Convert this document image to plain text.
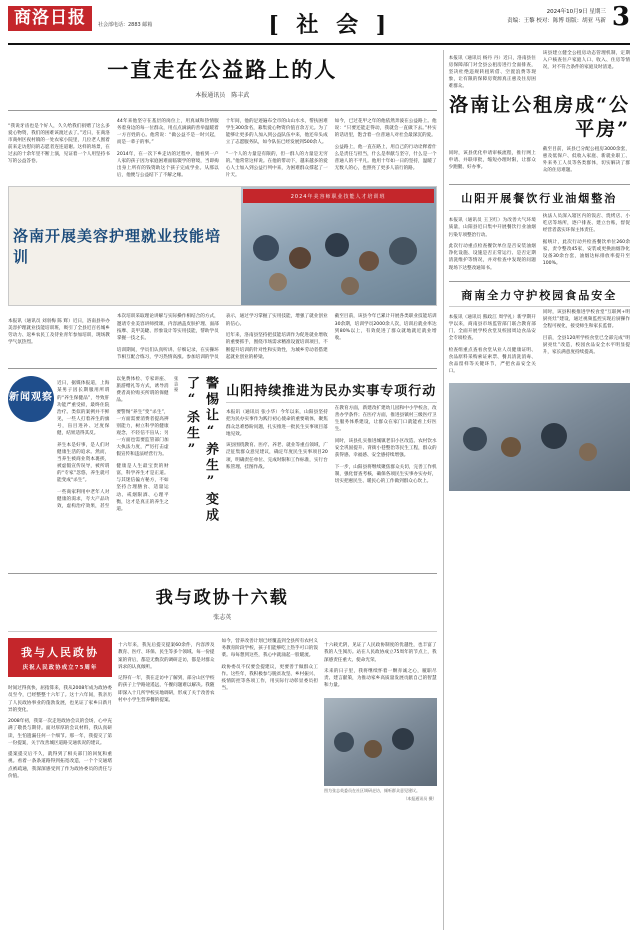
商洛日报	社会部电话：2883 邮箱	[ 社 会 ]	2024年10月9日 星期三
责编：王黎 校对：陈博 组版：胡亚 马新 3
一直走在公益路上的人
本报通讯员　陈丰武

“我说牙齿也是个好人，久久给我们捐赠了这么多爱心物资，我们的困难该渡过去了。”近日，在商洛市商州区夜村镇的一处农家小院里，几位老人围着前来走访慰问的志愿者连连道谢。这样的场景，在过去的十余年里不断上演，见证着一个人用坚持书写的公益答卷。

44年来他坚守在基层的岗位上，用真诚和热情服务着身边的每一位群众，用点点滴滴的善举温暖着一方百姓的心。他常说：“做公益不是一时兴起，而是一辈子的事。”

2014年，在一次下乡走访的过程中，他看到一户人家的孩子因为家庭困难面临辍学的窘境，当即掏出身上所有的钱资助这个孩子完成学业。从那以后，他便与公益结下了不解之缘。

十年间，他的足迹遍布全市的山山水水，帮扶困难学生300余名，募集爱心物资价值百余万元。为了能够让更多的人加入到公益队伍中来，他还牵头成立了志愿服务队，如今队伍已经发展到500余人。

“一个人的力量是有限的，但一群人的力量是无穷的。”他常常这样说。在他的带动下，越来越多的爱心人士加入到公益行列中来，为困难群众撑起了一片天。

如今，已过花甲之年的他依然奔波在公益路上。他说：“只要还能走得动，我就会一直做下去。”朴实的话语里，饱含着一位普通人对社会最深沉的爱。

公益路上，他一直在路上，用自己的行动诠释着什么是责任与担当，什么是奉献与坚守，什么是一个普通人的不平凡。他用十年如一日的坚持，温暖了无数人的心，也照亮了更多人前行的路。

洛南开展美容护理就业技能培训
2024年美容师职业技能人才培训班

本报讯（通讯员 刘羽梅 陈 辉）近日，洛南县举办美容护理就业技能培训班，吸引了全县近百名城乡劳动力、返乡农民工及待业青年参加培训，现场教学气氛热烈。

本次培训采取理论讲解与实际操作相结合的方式，邀请专业美容讲师授课，内容涵盖皮肤护理、面部按摩、美甲美睫、形象设计等实用技能，帮助学员掌握一技之长。

培训期间，学员们认真听讲、仔细记录，在实操环节相互配合练习，学习热情高涨。参加培训的学员表示，通过学习掌握了实用技能，增强了就业创业的信心。

近年来，洛南县坚持把技能培训作为促进就业增收的重要抓手，围绕市场需求精准设置培训项目，不断提升培训的针对性和实效性，为城乡劳动者搭建起就业创业的桥梁。

截至目前，该县今年已累计开展各类职业技能培训30余期，培训学员2000余人次，培训后就业率达到80%以上，有效促进了群众就地就近就业增收。

警惕让“养生”变成了“杀生”
张志豪

近日，据媒体报道，上海某男子因长期服用所谓的“养生保健品”，导致肝功能严重受损，最终住院治疗。类似的案例并不鲜见，一些人打着养生的旗号，盲目进补、过度保健，结果适得其反。

养生本是好事，是人们对健康生活的追求。然而，当养生被商业资本裹挟，被虚假宣传误导，被所谓的“专家”忽悠，养生就可能变成“杀生”。

一些商家利用中老年人对健康的渴求，夸大产品功效，虚构治疗效果，甚至以免费体检、专家讲座、旅游赠礼等方式，诱导消费者高价购买所谓的保健品。

要警惕“养生”变“杀生”，一方面需要消费者提高辨别能力，树立科学的健康观念，不轻信不盲从；另一方面也需要监管部门加大执法力度，严厉打击虚假宣传和违法经营行为。

健康是人生最宝贵的财富，科学养生才是正道。与其迷信偏方秘方，不如坚持合理膳食、适量运动、戒烟限酒、心理平衡，这才是真正的养生之道。

新闻观察	山阳持续推进为民办实事专项行动

本报讯（通讯员 张小华）今年以来，山阳县坚持把为民办实事作为践行初心使命的重要载体，聚焦群众急难愁盼问题，扎实推进一批民生实事项目落地见效。

该县围绕教育、医疗、养老、就业等重点领域，广泛征集群众意见建议，确定年度民生实事项目20项，明确责任单位、完成时限和工作标准，实行台账管理、挂图作战。

在教育方面，新建改扩建幼儿园和中小学校舍，改善办学条件；在医疗方面，推进县镇村三级医疗卫生服务体系建设，让群众在家门口就能看上好医生。

同时，该县扎实推进城镇老旧小区改造、农村饮水安全巩固提升、背街小巷整治等民生工程，群众的获得感、幸福感、安全感持续增强。

下一步，山阳县将继续聚焦群众关切，完善工作机制，强化督查考核，确保各项民生实事办实办好，切实把惠民生、暖民心的工作做到群众心坎上。

我与政协十六载
张志英
我与人民政协
庆祝人民政协成立75周年

时间过得真快，屈指算来，我从2008年成为政协委员至今，已经整整十六年了。这十六年间，我亲历了人民政协事业的蓬勃发展，也见证了家乡日新月异的变化。

2008年初，我第一次走进政协会议的会场，心中充满了敬畏与期待。面对厚厚的会议材料，我认真研读，生怕遗漏任何一个细节。那一年，我提交了第一份提案，关于改善城区道路交通状况的建议。

提案提交后不久，就得到了相关部门的回复和重视。看着一条条道路得到拓宽改造，一个个交通堵点被疏通，我深深感受到了作为政协委员的责任与价值。

十六年来，我先后提交提案60余件，内容涉及教育、医疗、环保、民生等多个领域。每一份提案的背后，都是无数次的调研走访，都是对群众诉求的认真倾听。

记得有一年，我在走访中了解到，部分山区学校的孩子上学路途遥远，午餐问题难以解决。我随即深入十几所学校实地调研，形成了关于改善农村中小学生营养餐的提案。

如今，营养改善计划已经覆盖到全县所有农村义务教育阶段学校，孩子们能够吃上热乎可口的饭菜。每每想到这些，我心中就涌起一股暖流。

政协委员不仅要会提建议，更要善于做群众工作。这些年，我积极参与脱贫攻坚、乡村振兴、疫情防控等各项工作，用实际行动彰显委员担当。

十六载光阴，见证了人民政协制度的优越性，也丰富了我的人生阅历。站在人民政协成立75周年的节点上，我深感责任重大、使命光荣。

未来的日子里，我将继续怀着一颗赤诚之心，履职尽责、建言献策，为推动家乡高质量发展贡献自己的智慧和力量。

图为张志英委员在社区调研走访，倾听群众意见建议。
（本报通讯员 摄）

本报讯（通讯员 杨丹 丹）近日，洛南县住房保障部门对全县公租房进行全面排查，坚决杜绝违规转租转借、空置浪费等现象，让有限的保障房资源真正惠及住房困难群众。

该县建立健全公租房动态管理机制，定期入户核查住户家庭人口、收入、住房等情况，对不符合条件的家庭及时清退。

洛南让公租房成“公平房”

同时，该县优化申请审核流程，推行网上申请、并联审批，缩短办理时限，让群众少跑腿、好办事。

截至目前，该县已分配公租房3000余套，惠及低保户、低收入家庭、新就业职工、外来务工人员等各类群体，切实解决了群众的住房难题。

山阳开展餐饮行业油烟整治

本报讯（通讯员 王卫红）为改善大气环境质量，山阳县近日集中开展餐饮行业油烟污染专项整治行动。

此次行动重点检查餐饮单位是否安装油烟净化设施、设施是否正常运行、是否定期清洗维护等情况，并对检查中发现的问题现场下达整改通知书。

执法人员深入辖区内的饭店、烧烤店、小吃店等场所，逐户排查、建立台账，督促经营者落实环保主体责任。

据统计，此次行动共检查餐饮单位260余家，责令整改45家，安装或更换油烟净化设备30余台套，油烟达标排放率提升至100%。

商南全力守护校园食品安全

本报讯（通讯员 熊政江 周学礼）新学期开学以来，商南县市场监管部门联合教育部门，全面开展学校食堂及校园周边食品安全专项检查。

检查组重点查看食堂从业人员健康证明、食品原料采购索证索票、餐具清洗消毒、食品留样等关键环节，严把食品安全关口。

同时，该县积极推进学校食堂“互联网+明厨亮灶”建设，通过视频监控实现后厨操作全程可视化，接受师生和家长监督。

目前，全县120所学校食堂已全部完成“明厨亮灶”改造，校园食品安全水平明显提升，家长满意度持续提高。
